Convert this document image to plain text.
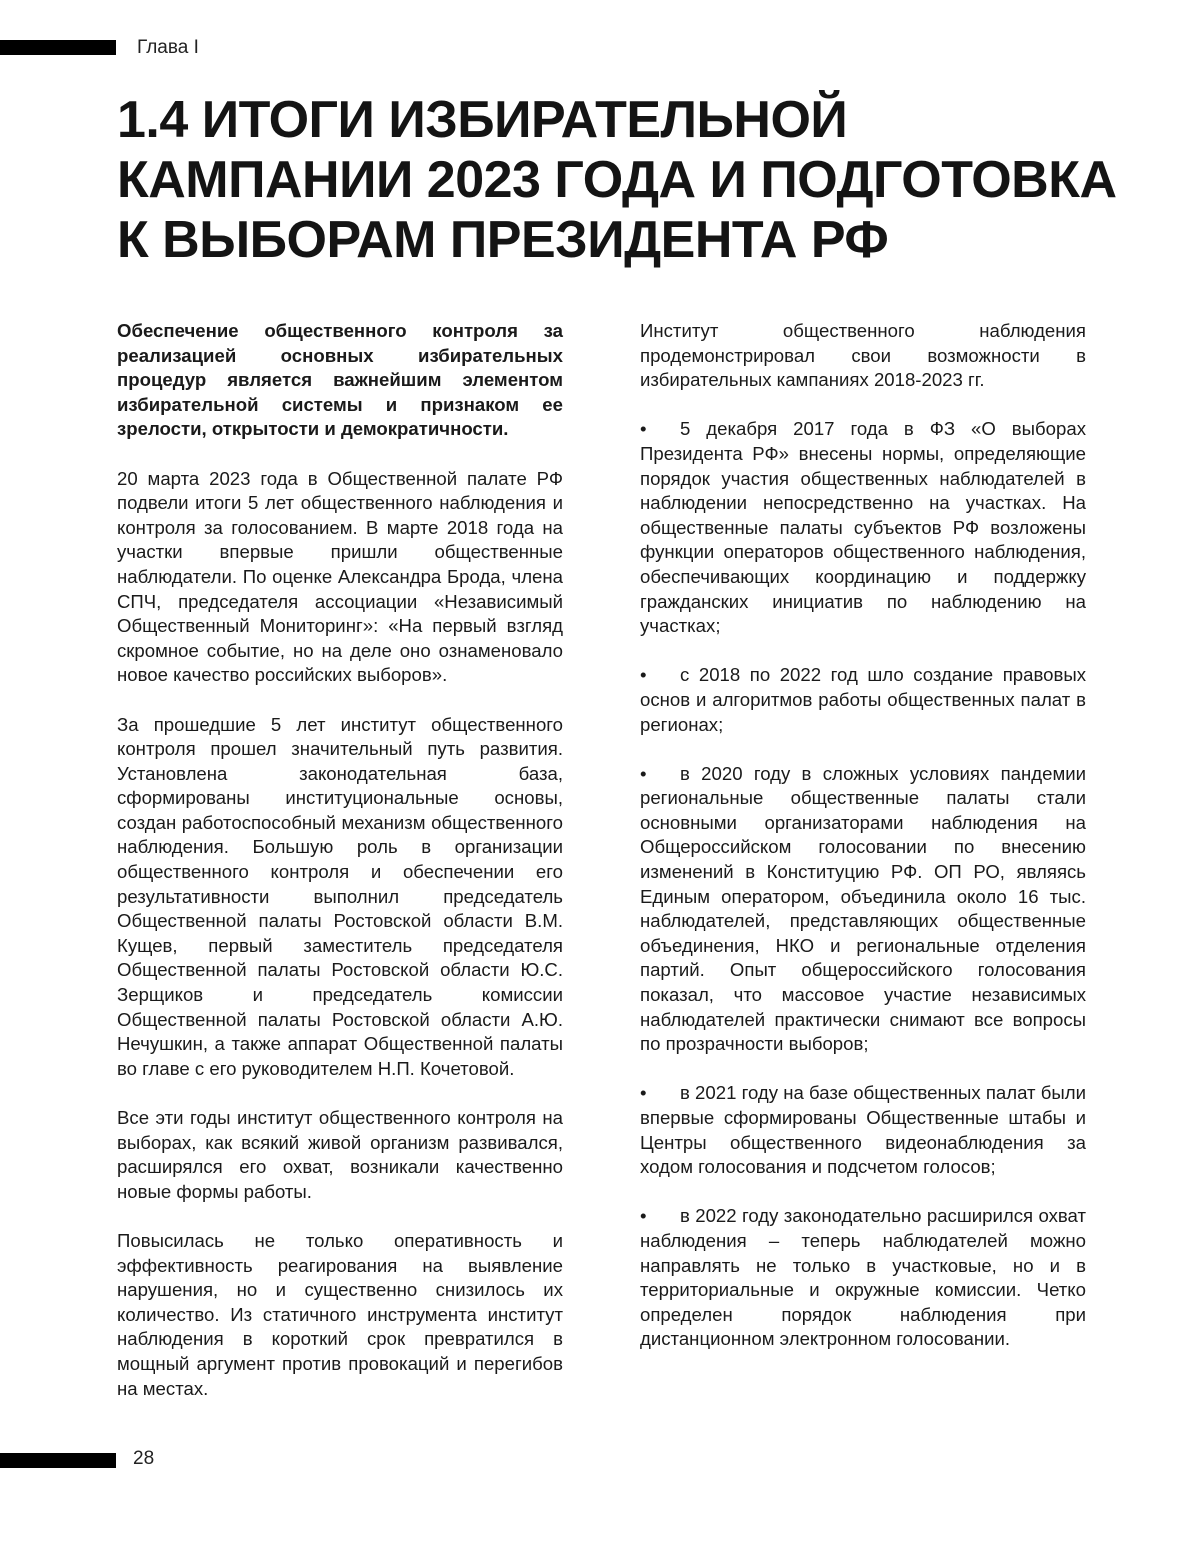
Глава I
1.4 ИТОГИ ИЗБИРАТЕЛЬНОЙ КАМПАНИИ 2023 ГОДА И ПОДГОТОВКА К ВЫБОРАМ ПРЕЗИДЕНТА РФ

Обеспечение общественного контроля за реализацией основных избирательных процедур является важнейшим элементом избирательной системы и признаком ее зрелости, открытости и демократичности.

20 марта 2023 года в Общественной палате РФ подвели итоги 5 лет общественного наблюдения и контроля за голосованием. В марте 2018 года на участки впервые пришли общественные наблюдатели. По оценке Александра Брода, члена СПЧ, председателя ассоциации «Независимый Общественный Мониторинг»: «На первый взгляд скромное событие, но на деле оно ознаменовало новое качество российских выборов».

За прошедшие 5 лет институт общественного контроля прошел значительный путь развития. Установлена законодательная база, сформированы институциональные основы, создан работоспособный механизм общественного наблюдения. Большую роль в организации общественного контроля и обеспечении его результативности выполнил председатель Общественной палаты Ростовской области В.М. Кущев, первый заместитель председателя Общественной палаты Ростовской области Ю.С. Зерщиков и председатель комиссии Общественной палаты Ростовской области А.Ю. Нечушкин, а также аппарат Общественной палаты во главе с его руководителем Н.П. Кочетовой.

Все эти годы институт общественного контроля на выборах, как всякий живой организм развивался, расширялся его охват, возникали качественно новые формы работы.

Повысилась не только оперативность и эффективность реагирования на выявление нарушения, но и существенно снизилось их количество. Из статичного инструмента институт наблюдения в короткий срок превратился в мощный аргумент против провокаций и перегибов на местах.

Институт общественного наблюдения продемонстрировал свои возможности в избирательных кампаниях 2018-2023 гг.

• 5 декабря 2017 года в ФЗ «О выборах Президента РФ» внесены нормы, определяющие порядок участия общественных наблюдателей в наблюдении непосредственно на участках. На общественные палаты субъектов РФ возложены функции операторов общественного наблюдения, обеспечивающих координацию и поддержку гражданских инициатив по наблюдению на участках;
• с 2018 по 2022 год шло создание правовых основ и алгоритмов работы общественных палат в регионах;
• в 2020 году в сложных условиях пандемии региональные общественные палаты стали основными организаторами наблюдения на Общероссийском голосовании по внесению изменений в Конституцию РФ. ОП РО, являясь Единым оператором, объединила около 16 тыс. наблюдателей, представляющих общественные объединения, НКО и региональные отделения партий. Опыт общероссийского голосования показал, что массовое участие независимых наблюдателей практически снимают все вопросы по прозрачности выборов;
• в 2021 году на базе общественных палат были впервые сформированы Общественные штабы и Центры общественного видеонаблюдения за ходом голосования и подсчетом голосов;
• в 2022 году законодательно расширился охват наблюдения – теперь наблюдателей можно направлять не только в участковые, но и в территориальные и окружные комиссии. Четко определен порядок наблюдения при дистанционном электронном голосовании.
28
